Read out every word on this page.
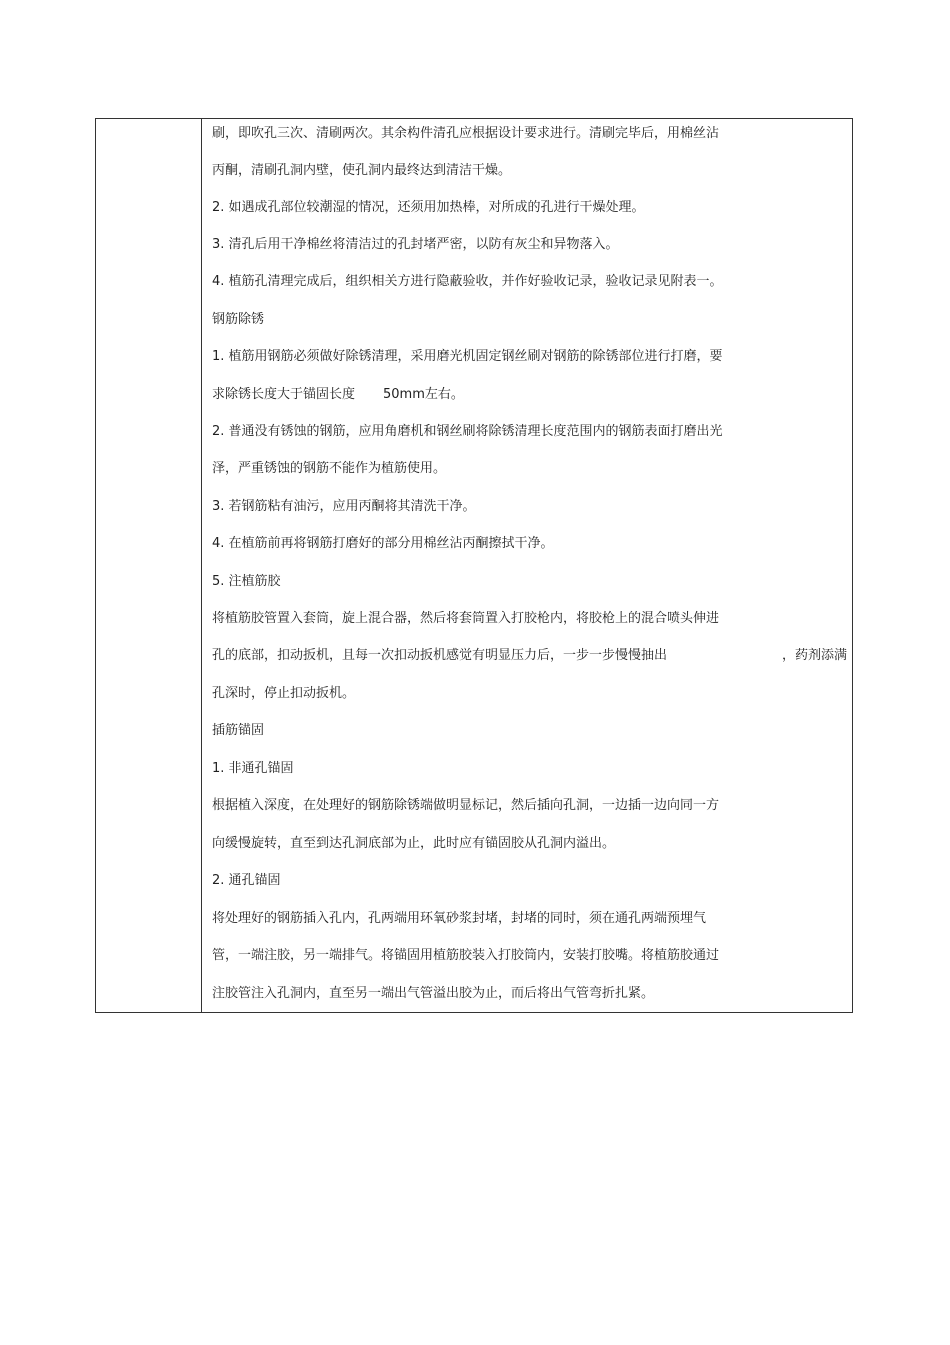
刷，即吹孔三次、清刷两次。其余构件清孔应根据设计要求进行。清刷完毕后，用棉丝沾
丙酮，清刷孔洞内壁，使孔洞内最终达到清洁干燥。
2. 如遇成孔部位较潮湿的情况，还须用加热棒，对所成的孔进行干燥处理。
3. 清孔后用干净棉丝将清洁过的孔封堵严密，以防有灰尘和异物落入。
4. 植筋孔清理完成后，组织相关方进行隐蔽验收，并作好验收记录，验收记录见附表一。
钢筋除锈
1. 植筋用钢筋必须做好除锈清理，采用磨光机固定钢丝刷对钢筋的除锈部位进行打磨，要
求除锈长度大于锚固长度 50mm左右。
2. 普通没有锈蚀的钢筋，应用角磨机和钢丝刷将除锈清理长度范围内的钢筋表面打磨出光
泽，严重锈蚀的钢筋不能作为植筋使用。
3. 若钢筋粘有油污，应用丙酮将其清洗干净。
4. 在植筋前再将钢筋打磨好的部分用棉丝沾丙酮擦拭干净。
5. 注植筋胶
将植筋胶管置入套筒，旋上混合器，然后将套筒置入打胶枪内，将胶枪上的混合喷头伸进
孔的底部，扣动扳机，且每一次扣动扳机感觉有明显压力后，一步一步慢慢抽出	，药剂添满
孔深时，停止扣动扳机。
插筋锚固
1. 非通孔锚固
根据植入深度，在处理好的钢筋除锈端做明显标记，然后插向孔洞，一边插一边向同一方
向缓慢旋转，直至到达孔洞底部为止，此时应有锚固胶从孔洞内溢出。
2. 通孔锚固
将处理好的钢筋插入孔内，孔两端用环氧砂浆封堵，封堵的同时，须在通孔两端预埋气
管，一端注胶，另一端排气。将锚固用植筋胶装入打胶筒内，安装打胶嘴。将植筋胶通过
注胶管注入孔洞内，直至另一端出气管溢出胶为止，而后将出气管弯折扎紧。
